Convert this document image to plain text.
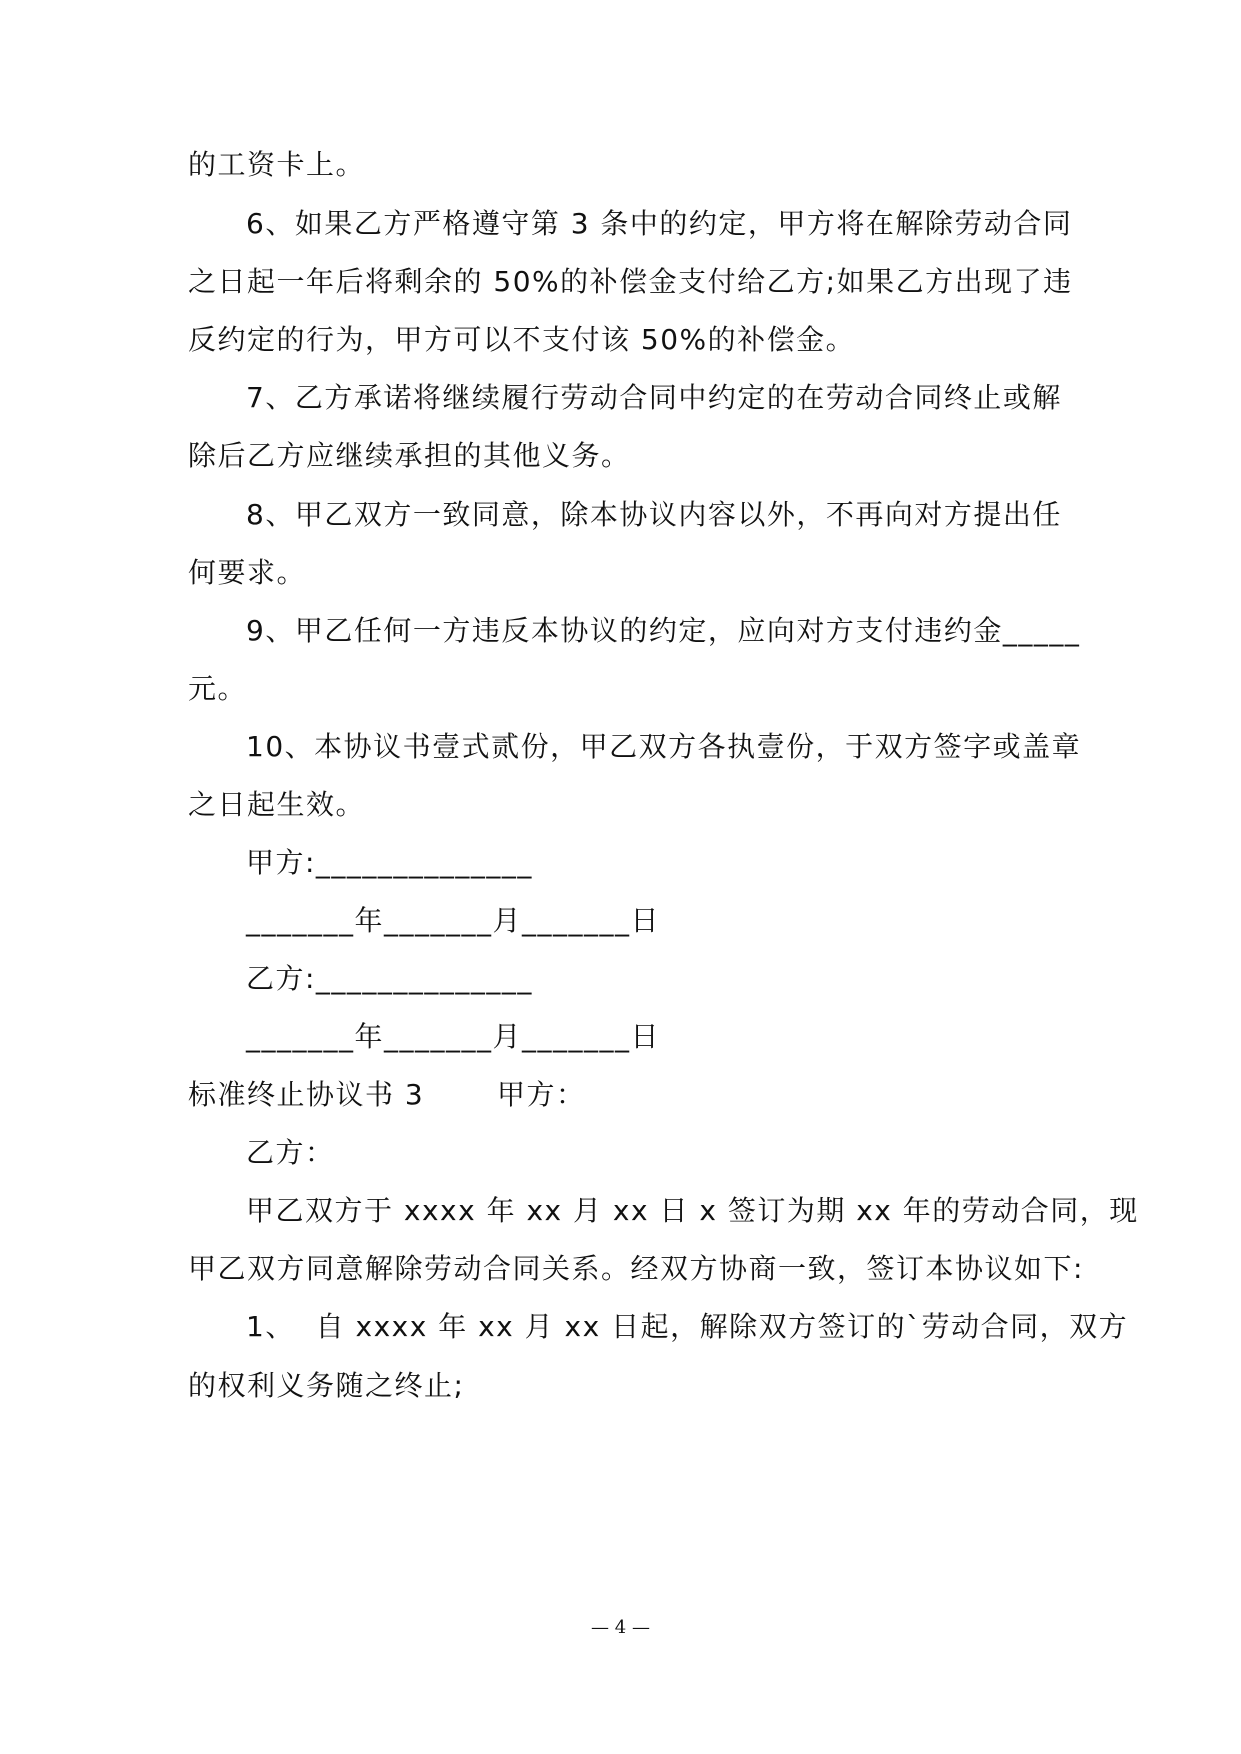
的工资卡上。
6、如果乙方严格遵守第 3 条中的约定，甲方将在解除劳动合同
之日起一年后将剩余的 50%的补偿金支付给乙方;如果乙方出现了违
反约定的行为，甲方可以不支付该 50%的补偿金。
7、乙方承诺将继续履行劳动合同中约定的在劳动合同终止或解
除后乙方应继续承担的其他义务。
8、甲乙双方一致同意，除本协议内容以外，不再向对方提出任
何要求。
9、甲乙任何一方违反本协议的约定，应向对方支付违约金_____
元。
10、本协议书壹式贰份，甲乙双方各执壹份，于双方签字或盖章
之日起生效。
甲方:______________
_______年_______月_______日
乙方:______________
_______年_______月_______日
标准终止协议书 3       甲方：
乙方：
甲乙双方于 xxxx 年 xx 月 xx 日 x 签订为期 xx 年的劳动合同，现
甲乙双方同意解除劳动合同关系。经双方协商一致，签订本协议如下:
1、  自 xxxx 年 xx 月 xx 日起，解除双方签订的`劳动合同，双方
的权利义务随之终止;
— 4 —
